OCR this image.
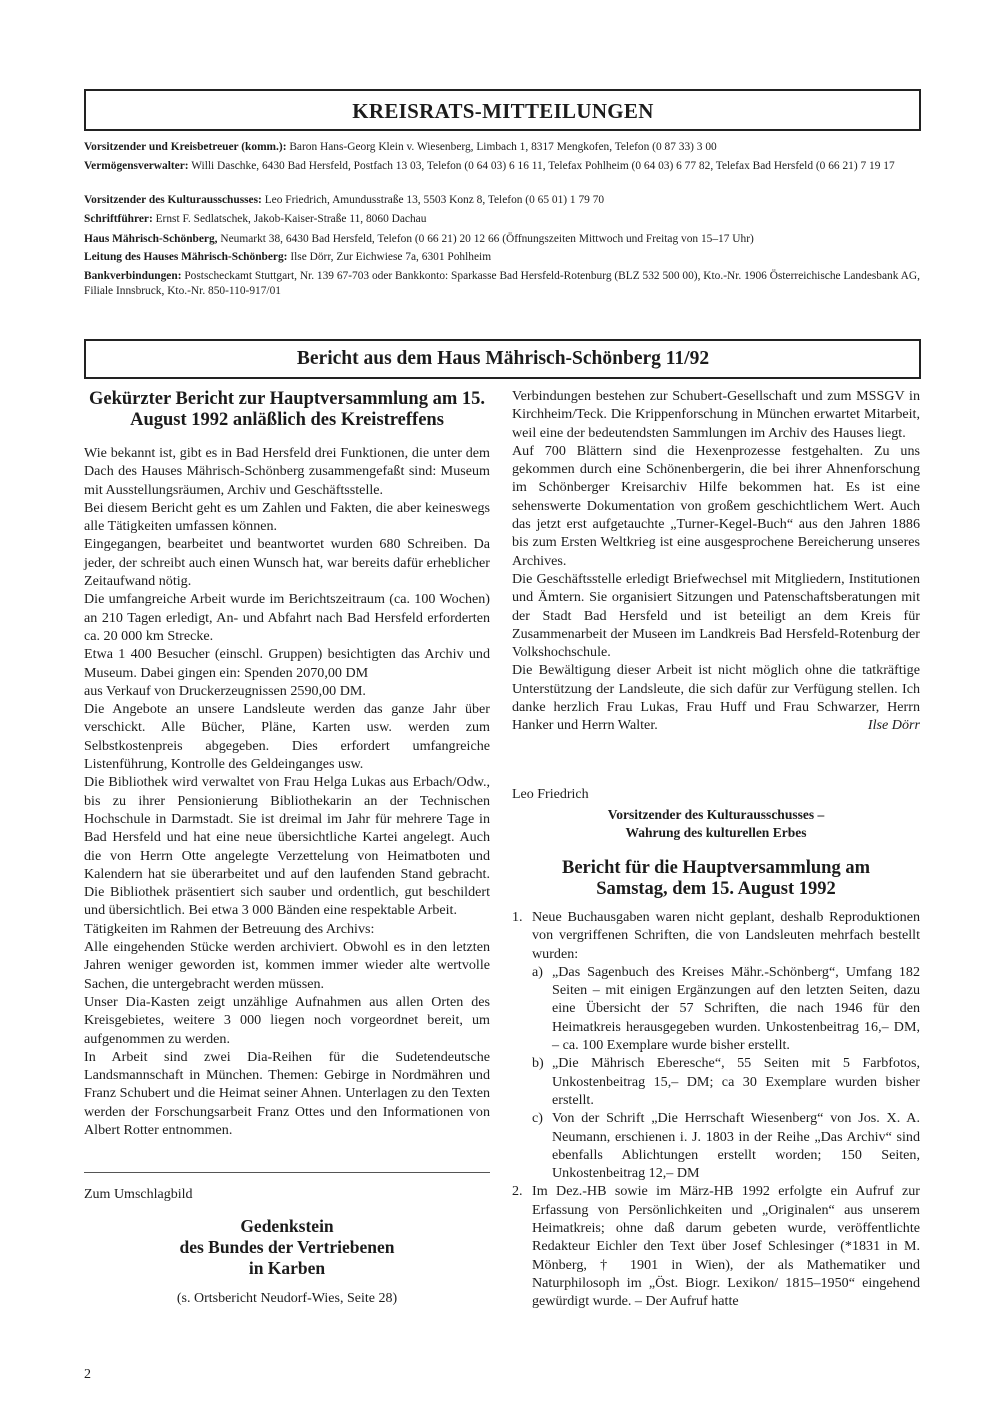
KREISRATS-MITTEILUNGEN
Vorsitzender und Kreisbetreuer (komm.): Baron Hans-Georg Klein v. Wiesenberg, Limbach 1, 8317 Mengkofen, Telefon (0 87 33) 3 00
Vermögensverwalter: Willi Daschke, 6430 Bad Hersfeld, Postfach 13 03, Telefon (0 64 03) 6 16 11, Telefax Pohlheim (0 64 03) 6 77 82, Telefax Bad Hersfeld (0 66 21) 7 19 17
Vorsitzender des Kulturausschusses: Leo Friedrich, Amundusstraße 13, 5503 Konz 8, Telefon (0 65 01) 1 79 70
Schriftführer: Ernst F. Sedlatschek, Jakob-Kaiser-Straße 11, 8060 Dachau
Haus Mährisch-Schönberg, Neumarkt 38, 6430 Bad Hersfeld, Telefon (0 66 21) 20 12 66 (Öffnungszeiten Mittwoch und Freitag von 15–17 Uhr)
Leitung des Hauses Mährisch-Schönberg: Ilse Dörr, Zur Eichwiese 7a, 6301 Pohlheim
Bankverbindungen: Postscheckamt Stuttgart, Nr. 139 67-703 oder Bankkonto: Sparkasse Bad Hersfeld-Rotenburg (BLZ 532 500 00), Kto.-Nr. 1906 Österreichische Landesbank AG, Filiale Innsbruck, Kto.-Nr. 850-110-917/01
Bericht aus dem Haus Mährisch-Schönberg 11/92
Gekürzter Bericht zur Hauptversammlung am 15. August 1992 anläßlich des Kreistreffens

Wie bekannt ist, gibt es in Bad Hersfeld drei Funktionen, die unter dem Dach des Hauses Mährisch-Schönberg zusammengefaßt sind: Museum mit Ausstellungsräumen, Archiv und Geschäftsstelle.

Bei diesem Bericht geht es um Zahlen und Fakten, die aber keineswegs alle Tätigkeiten umfassen können.

Eingegangen, bearbeitet und beantwortet wurden 680 Schreiben. Da jeder, der schreibt auch einen Wunsch hat, war bereits dafür erheblicher Zeitaufwand nötig.

Die umfangreiche Arbeit wurde im Berichtszeitraum (ca. 100 Wochen) an 210 Tagen erledigt, An- und Abfahrt nach Bad Hersfeld erforderten ca. 20 000 km Strecke.

Etwa 1 400 Besucher (einschl. Gruppen) besichtigten das Archiv und Museum. Dabei gingen ein: Spenden 2070,00 DM

aus Verkauf von Druckerzeugnissen 2590,00 DM.

Die Angebote an unsere Landsleute werden das ganze Jahr über verschickt. Alle Bücher, Pläne, Karten usw. werden zum Selbstkostenpreis abgegeben. Dies erfordert umfangreiche Listenführung, Kontrolle des Geldeinganges usw.

Die Bibliothek wird verwaltet von Frau Helga Lukas aus Erbach/Odw., bis zu ihrer Pensionierung Bibliothekarin an der Technischen Hochschule in Darmstadt. Sie ist dreimal im Jahr für mehrere Tage in Bad Hersfeld und hat eine neue übersichtliche Kartei angelegt. Auch die von Herrn Otte angelegte Verzettelung von Heimatboten und Kalendern hat sie überarbeitet und auf den laufenden Stand gebracht. Die Bibliothek präsentiert sich sauber und ordentlich, gut beschildert und übersichtlich. Bei etwa 3 000 Bänden eine respektable Arbeit.

Tätigkeiten im Rahmen der Betreuung des Archivs:

Alle eingehenden Stücke werden archiviert. Obwohl es in den letzten Jahren weniger geworden ist, kommen immer wieder alte wertvolle Sachen, die untergebracht werden müssen.

Unser Dia-Kasten zeigt unzählige Aufnahmen aus allen Orten des Kreisgebietes, weitere 3 000 liegen noch vorgeordnet bereit, um aufgenommen zu werden.

In Arbeit sind zwei Dia-Reihen für die Sudetendeutsche Landsmannschaft in München. Themen: Gebirge in Nordmähren und Franz Schubert und die Heimat seiner Ahnen. Unterlagen zu den Texten werden der Forschungsarbeit Franz Ottes und den Informationen von Albert Rotter entnommen.

Verbindungen bestehen zur Schubert-Gesellschaft und zum MSSGV in Kirchheim/Teck. Die Krippenforschung in München erwartet Mitarbeit, weil eine der bedeutendsten Sammlungen im Archiv des Hauses liegt.

Auf 700 Blättern sind die Hexenprozesse festgehalten. Zu uns gekommen durch eine Schönenbergerin, die bei ihrer Ahnenforschung im Schönberger Kreisarchiv Hilfe bekommen hat. Es ist eine sehenswerte Dokumentation von großem geschichtlichem Wert. Auch das jetzt erst aufgetauchte „Turner-Kegel-Buch“ aus den Jahren 1886 bis zum Ersten Weltkrieg ist eine ausgesprochene Bereicherung unseres Archives.

Die Geschäftsstelle erledigt Briefwechsel mit Mitgliedern, Institutionen und Ämtern. Sie organisiert Sitzungen und Patenschaftsberatungen mit der Stadt Bad Hersfeld und ist beteiligt an dem Kreis für Zusammenarbeit der Museen im Landkreis Bad Hersfeld-Rotenburg der Volkshochschule.

Die Bewältigung dieser Arbeit ist nicht möglich ohne die tatkräftige Unterstützung der Landsleute, die sich dafür zur Verfügung stellen. Ich danke herzlich Frau Lukas, Frau Huff und Frau Schwarzer, Herrn Hanker und Herrn Walter.	Ilse Dörr

Zum Umschlagbild
Gedenkstein
des Bundes der Vertriebenen
in Karben
(s. Ortsbericht Neudorf-Wies, Seite 28)
Leo Friedrich
Vorsitzender des Kulturausschusses –
Wahrung des kulturellen Erbes
Bericht für die Hauptversammlung am
Samstag, dem 15. August 1992
1. Neue Buchausgaben waren nicht geplant, deshalb Reproduktionen von vergriffenen Schriften, die von Landsleuten mehrfach bestellt wurden:
a) „Das Sagenbuch des Kreises Mähr.-Schönberg“, Umfang 182 Seiten – mit einigen Ergänzungen auf den letzten Seiten, dazu eine Übersicht der 57 Schriften, die nach 1946 für den Heimatkreis herausgegeben wurden. Unkostenbeitrag 16,– DM, – ca. 100 Exemplare wurde bisher erstellt.
b) „Die Mährisch Eberesche“, 55 Seiten mit 5 Farbfotos, Unkostenbeitrag 15,– DM; ca 30 Exemplare wurden bisher erstellt.
c) Von der Schrift „Die Herrschaft Wiesenberg“ von Jos. X. A. Neumann, erschienen i. J. 1803 in der Reihe „Das Archiv“ sind ebenfalls Ablichtungen erstellt worden; 150 Seiten, Unkostenbeitrag 12,– DM
2. Im Dez.-HB sowie im März-HB 1992 erfolgte ein Aufruf zur Erfassung von Persönlichkeiten und „Originalen“ aus unserem Heimatkreis; ohne daß darum gebeten wurde, veröffentlichte Redakteur Eichler den Text über Josef Schlesinger (*1831 in M. Mönberg, † 1901 in Wien), der als Mathematiker und Naturphilosoph im „Öst. Biogr. Lexikon/ 1815–1950“ eingehend gewürdigt wurde. – Der Aufruf hatte
2
